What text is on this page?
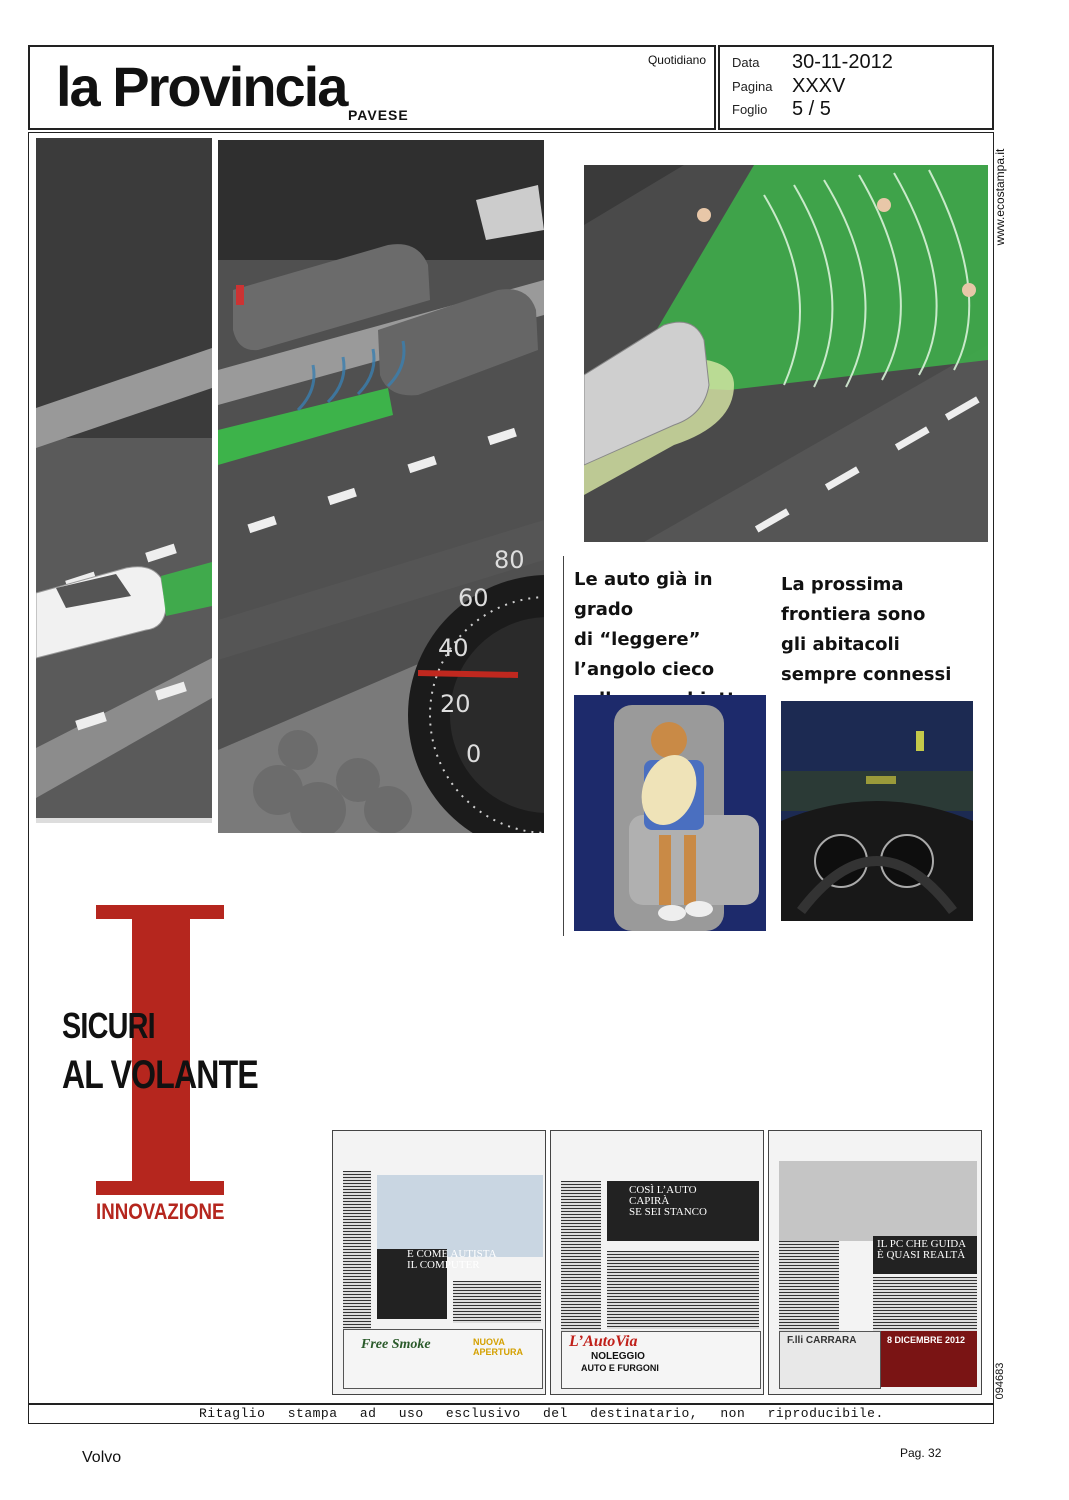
la Provincia PAVESE
Quotidiano Data 30-11-2012
Pagina XXXV
Foglio 5 / 5
www.ecostampa.it
094683
80
60
40
20
0
Le auto già in grado
di “leggere”
l’angolo cieco
La prossima
frontiera sono
gli abitacoli
sempre connessi
SICURI
AL VOLANTE
INNOVAZIONE
E COME AUTISTA
IL COMPUTER
Free Smoke	NUOVA APERTURA
COSÌ L’AUTO
CAPIRÀ
SE SEI STANCO
L’AutoVia
NOLEGGIO
AUTO E FURGONI
IL PC CHE GUIDA
È QUASI REALTÀ
F.lli CARRARA	8 DICEMBRE 2012
Ritaglio stampa ad uso esclusivo del destinatario, non riproducibile.
Volvo	Pag. 32
